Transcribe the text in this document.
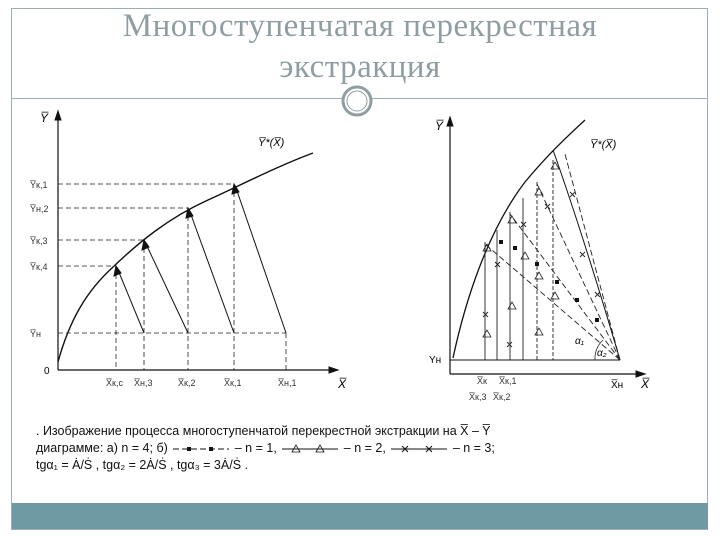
Многоступенчатая перекрестная
экстракция
Y̅
X̅
0
Y̅*(X̅)
Y̅к,1
Y̅н,2
Y̅к,3
Y̅к,4
Y̅н
X̅к,с X̅н,3	X̅к,2	X̅к,1	X̅н,1
Y̅
X̅
Y̅*(X̅)
Yн
X̅н
α₁
α₂
X̅к X̅к,1
X̅к,3 X̅к,2
. Изображение процесса многоступенчатой перекрестной экстракции на X̅ – Y̅
диаграмме: а) n = 4; б)	– n = 1,	– n = 2,	– n = 3;
tgα₁ = Ȧ/Ṡ , tgα₂ = 2Ȧ/Ṡ , tgα₃ = 3Ȧ/Ṡ .
